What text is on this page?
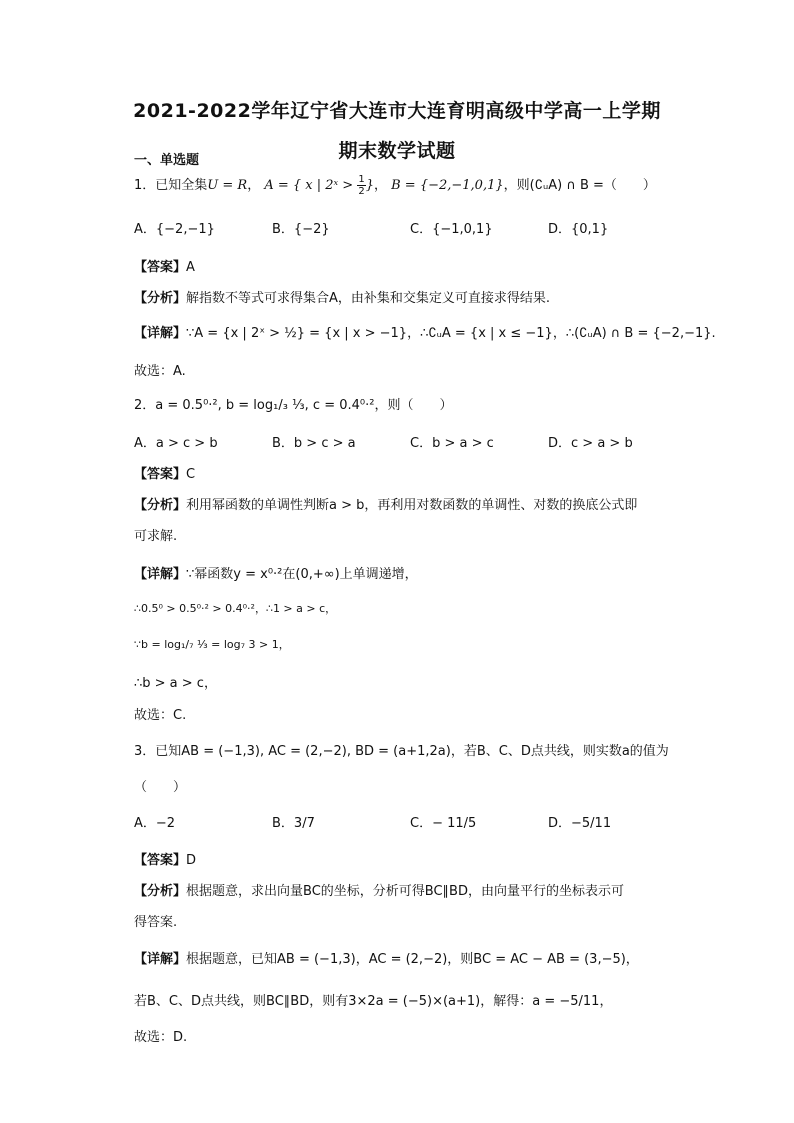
2021-2022学年辽宁省大连市大连育明高级中学高一上学期
期末数学试题
一、单选题
1．已知全集U = R， A = { x | 2ˣ > $\frac{1}{2}$ }， B = {−2,−1,0,1}，则(∁ᵤA) ∩ B =（　　）
A．{−2,−1}	B．{−2}	C．{−1,0,1}	D．{0,1}
【答案】A
【分析】解指数不等式可求得集合A，由补集和交集定义可直接求得结果.
【详解】∵A = {x | 2ˣ > ½} = {x | x > −1}，∴∁ᵤA = {x | x ≤ −1}，∴(∁ᵤA) ∩ B = {−2,−1}.
故选：A.
2．a = 0.5⁰·², b = log₁/₃ ⅓, c = 0.4⁰·²，则（　　）
A．a > c > b	B．b > c > a	C．b > a > c	D．c > a > b
【答案】C
【分析】利用幂函数的单调性判断a > b，再利用对数函数的单调性、对数的换底公式即
可求解.
【详解】∵幂函数y = x⁰·²在(0,+∞)上单调递增，
∴0.5⁰ > 0.5⁰·² > 0.4⁰·²，∴1 > a > c，
∵b = log₁/₇ ⅓ = log₇ 3 > 1，
∴b > a > c，
故选：C.
3．已知AB = (−1,3), AC = (2,−2), BD = (a+1,2a)，若B、C、D点共线，则实数a的值为
（　　）
A．−2	B．3/7	C．− 11/5	D．−5/11
【答案】D
【分析】根据题意，求出向量BC的坐标，分析可得BC∥BD，由向量平行的坐标表示可
得答案.
【详解】根据题意，已知AB = (−1,3)，AC = (2,−2)，则BC = AC − AB = (3,−5)，
若B、C、D点共线，则BC∥BD，则有3×2a = (−5)×(a+1)，解得：a = −5/11，
故选：D.
